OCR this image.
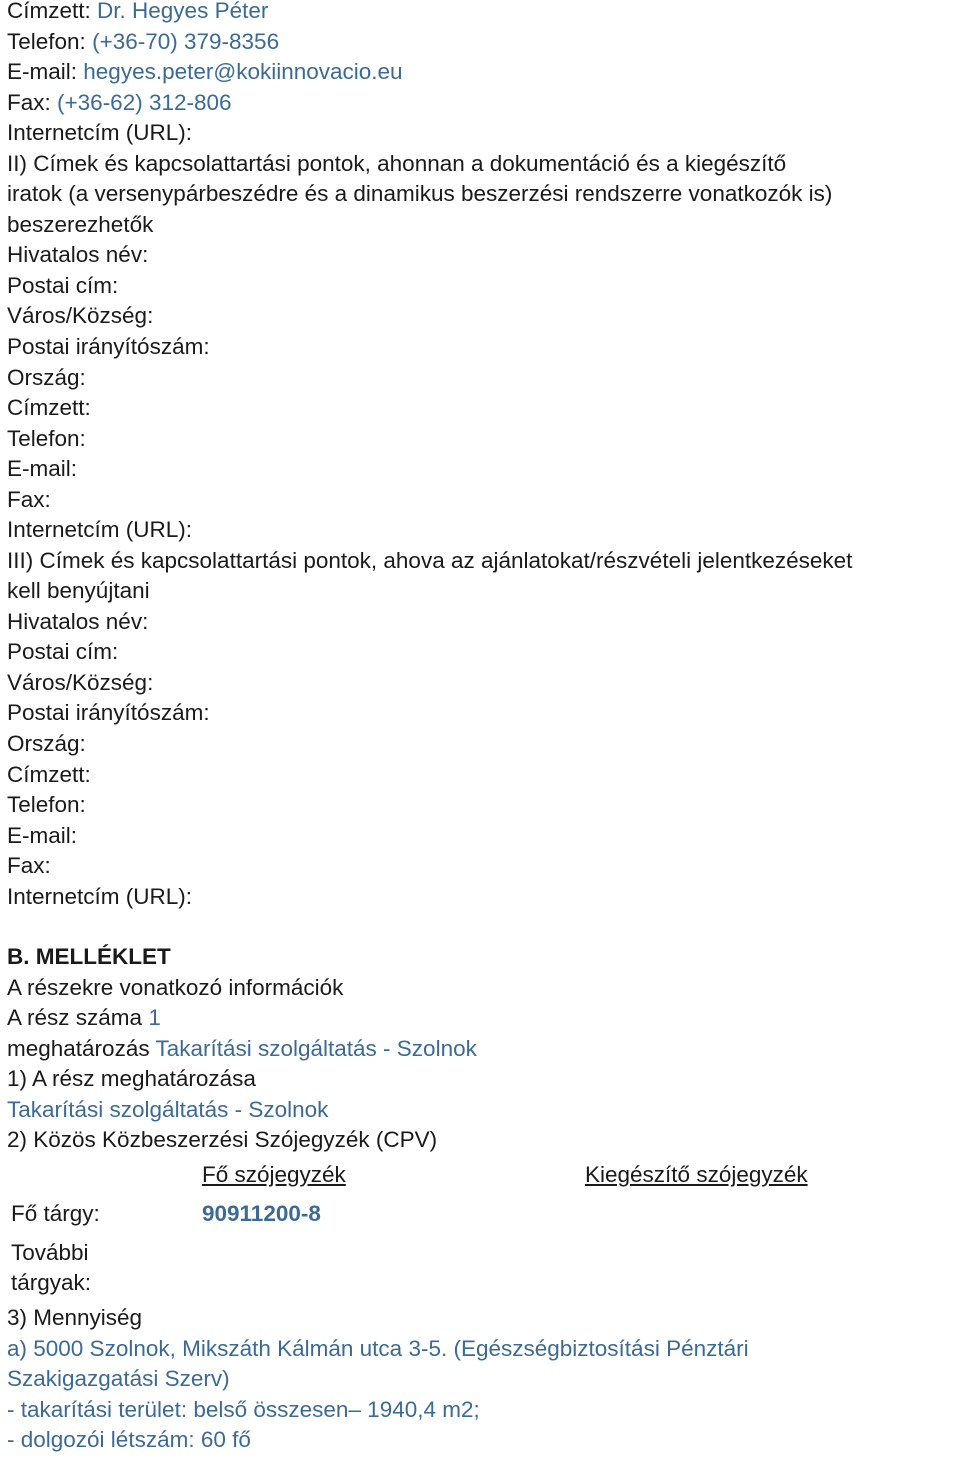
Címzett: Dr. Hegyes Péter
Telefon: (+36-70) 379-8356
E-mail: hegyes.peter@kokiinnovacio.eu
Fax: (+36-62) 312-806
Internetcím (URL):
II) Címek és kapcsolattartási pontok, ahonnan a dokumentáció és a kiegészítő
iratok (a versenypárbeszédre és a dinamikus beszerzési rendszerre vonatkozók is)
beszerezhetők
Hivatalos név:
Postai cím:
Város/Község:
Postai irányítószám:
Ország:
Címzett:
Telefon:
E-mail:
Fax:
Internetcím (URL):
III) Címek és kapcsolattartási pontok, ahova az ajánlatokat/részvételi jelentkezéseket
kell benyújtani
Hivatalos név:
Postai cím:
Város/Község:
Postai irányítószám:
Ország:
Címzett:
Telefon:
E-mail:
Fax:
Internetcím (URL):
B. MELLÉKLET
A részekre vonatkozó információk
A rész száma 1
meghatározás Takarítási szolgáltatás - Szolnok
1) A rész meghatározása
Takarítási szolgáltatás - Szolnok
2) Közös Közbeszerzési Szójegyzék (CPV)
Fő szójegyzék	Kiegészítő szójegyzék
Fő tárgy:	90911200-8
További
tárgyak:
3) Mennyiség
a) 5000 Szolnok, Mikszáth Kálmán utca 3-5. (Egészségbiztosítási Pénztári
Szakigazgatási Szerv)
- takarítási terület: belső összesen– 1940,4 m2;
- dolgozói létszám: 60 fő
